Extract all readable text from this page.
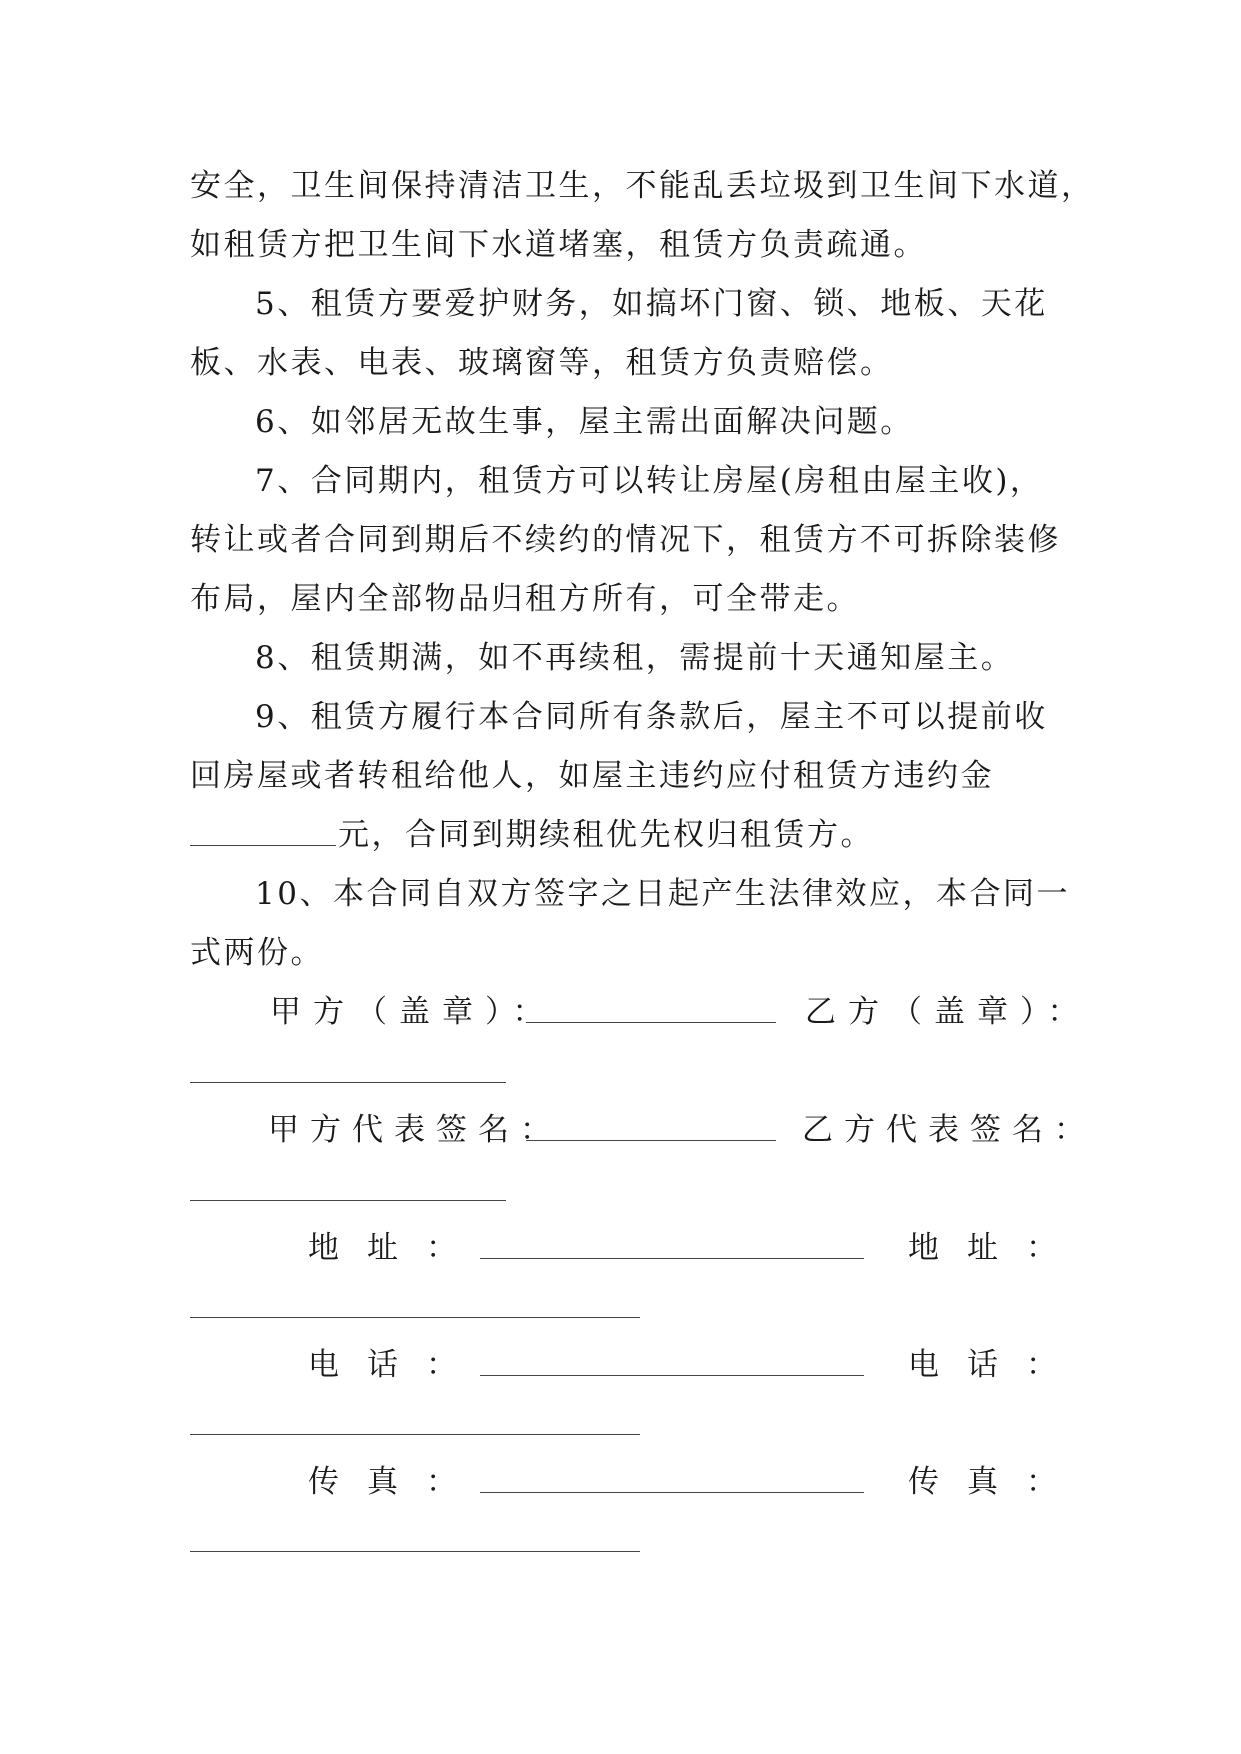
安全，卫生间保持清洁卫生，不能乱丢垃圾到卫生间下水道，
如租赁方把卫生间下水道堵塞，租赁方负责疏通。
5、租赁方要爱护财务，如搞坏门窗、锁、地板、天花
板、水表、电表、玻璃窗等，租赁方负责赔偿。
6、如邻居无故生事，屋主需出面解决问题。
7、合同期内，租赁方可以转让房屋(房租由屋主收)，
转让或者合同到期后不续约的情况下，租赁方不可拆除装修
布局，屋内全部物品归租方所有，可全带走。
8、租赁期满，如不再续租，需提前十天通知屋主。
9、租赁方履行本合同所有条款后，屋主不可以提前收
回房屋或者转租给他人，如屋主违约应付租赁方违约金
元，合同到期续租优先权归租赁方。
10、本合同自双方签字之日起产生法律效应，本合同一
式两份。
甲方（盖章）：	乙方（盖章）：
甲方代表签名：	乙方代表签名：
地址：	地址：
电话：	电话：
传真：	传真：
